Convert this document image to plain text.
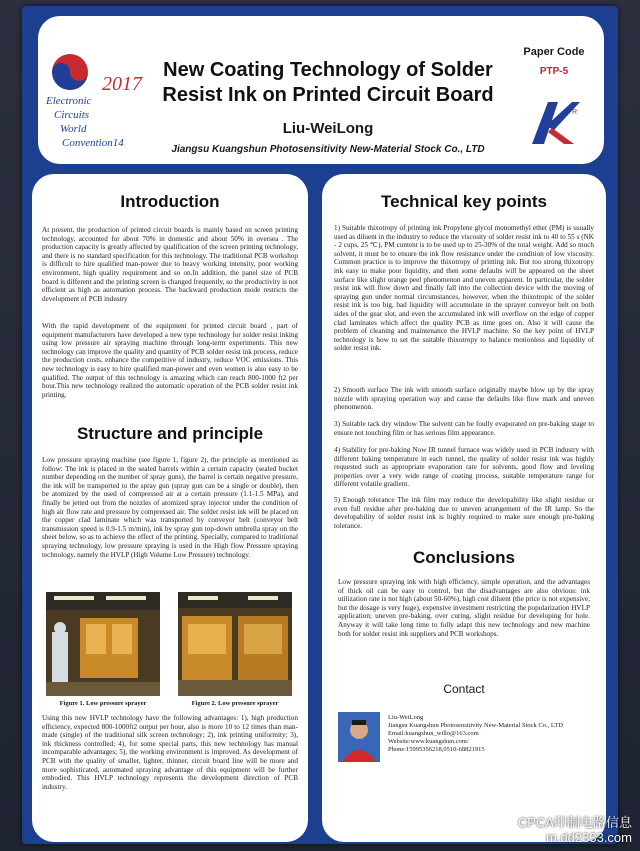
2017
Electronic
Circuits
World
Convention14
New Coating Technology of Solder
Resist Ink on Printed Circuit Board
Liu-WeiLong
Jiangsu Kuangshun Photosensitivity New-Material Stock Co., LTD
Paper Code
PTP-5
R
Introduction

At present, the production of printed circuit boards is mainly based on screen printing technology, accounted for about 70% in domestic and about 50% in oversea . The production capacity is greatly affected by qualification of the screen printing technology, and there is no standard specification for this technology. The traditional PCB workshop is difficult to hire qualified man-power due to heavy working intensity, poor working environment, high quality requirement and so on.In addition, the panel size of PCB board is different and the printing screen is changed frequently, so the productivity is not efficient as high as automation process. The backward production mode restricts the development of PCB industry

With the rapid development of the equipment for printed circuit board , part of equipment manufacturers have developed a new type technology for solder resist inking using low pressure air spraying machine through long-term experiments. This new technology can improve the quality and quantity of PCB solder resist ink process, reduce the production costs, enhance the competitive of industry, reduce VOC emissions. This new technology is easy to hire qualified man-power and even women is also easy to be qualified. The output of this technology is amazing which can reach 800-1000 ft2 per hour.This new technology realized the automatic operation of the PCB solder resist ink printing.

Structure and principle

Low pressure spraying machine (see figure 1, figure 2), the principle as mentioned as follow: The ink is placed in the sealed barrels within a certain capacity (sealed bucket number depending on the number of spray guns), the barrel is certain negative pressure, the ink will be transported to the spray gun (spray gun can be a single or double), then be atomized by the used of compressed air at a certain pressure (1.1-1.5 MPa), and finally be jetted out from the nozzles of atomized spray injector under the condition of high air flow rate and pressure by compressed air. The solder resist ink will be placed on the copper clad laminate which was transported by conveyor belt (conveyor belt transmission speed is 0.9-1.5 m/min), ink by spray gun top-down umbrella spray on the sheet below, so as to achieve the effect of the printing. Specially, compared to traditional spraying technology, low pressure spraying is used in the High flow Pressure spraying technology, namely the HVLP (High Volume Low Pressure) technology.

Figure 1. Low pressure sprayer	Figure 2. Low pressure sprayer

Using this new HVLP technology have the following advantages: 1), high production efficiency, expected 800-1000ft2 output per hour, also is more 10 to 12 times than man-made (single) of the traditional silk screen technology; 2), ink printing uniformity; 3), ink thickness controlled; 4), for some special parts, this new technology has manual incomparable advantages; 5), the working environment is improved. As development of PCB with the quality of smaller, lighter, thinner, circuit board line will be more and more sophisticated, automated spraying advantage of this equipment will be further embodied. This HVLP technology represents the development direction of PCB industry.

Technical key points

1) Suitable thixotropy of printing ink Propylene glycol monomethyl ether (PM) is usually used as diluent in the industry to reduce the viscosity of solder resist ink to 40 to 55 s (NK - 2 cups, 25 ℃), PM content is to be used up to 25-30% of the total weight. Add so much solvent, it must be to ensure the ink flow resistance under the condition of low viscosity. Common practice is to improve the thixotropy of printing ink. But too strong thixotropy ink easy to make poor liquidity, and then some defaults will be appeared on the sheet surface like slight orange peel phenomenon and uneven apparent. In particular, the solder resist ink will flow down and finally fall into the collection device with the moving of spraying gun under normal circumstances, however, when the thixotropic of the solder resist ink is too big, bad liquidity will accumulate in the sprayer conveyor belt on both sides of the gear slot, and even the accumulated ink will overflow on the edge of copper clad laminates which affect the quality PCB as time goes on. Also it will cause the problem of cleaning and maintenance the HVLP machine. So the key point of HVLP technology is how to set the suitable thixotropy to balance motionless and liquidity of solder resist ink.

2) Smooth surface The ink with smooth surface originally maybe blow up by the spray nozzle with spraying operation way and cause the defaults like flow mark and uneven phenomenon.

3) Suitable tack dry window The solvent can be foully evaporated on pre-baking stage to ensure not touching film or has serious film appearance.

4) Stability for pre-baking Now IR tunnel furnace was widely used in PCB industry with different baking temperature in each tunnel, the quality of solder resist ink was highly requested such as appropriate evaporation rate for solvents, good flow and leveling properties over a very wide range of coating process, suitable temperature range for different volatile gradient.

5) Enough tolerance The ink film may reduce the developability like slight residue or even full residue after pre-baking due to uneven arrangement of the IR lamp. So the developability of solder resist ink is highly required to make sure enough pre-baking tolerance.

Conclusions

Low pressure spraying ink with high efficiency, simple operation, and the advantages of thick oil can be easy to control, but the disadvantages are also obvious: ink utilization rate is not high (about 50-60%), high cost diluent (the price is not expensive, but the dosage is very huge), expensive investment restricting the popularization HVLP application; uneven pre-baking, over curing, slight residue for developing for hole. Anyway it will take long time to fully adapt this new technology and new machine both for solder resist ink suppliers and PCB workshops.

Contact
Liu-WeiLong
Jiangsu Kuangshun Photosensitivity New-Material Stock Co., LTD
Email:kuangshun_willo@163.com
Website:www.kuangshun.com/
Phone:15995356218,0510-68821915
CPCA印制电路信息
m.dd2333.com
